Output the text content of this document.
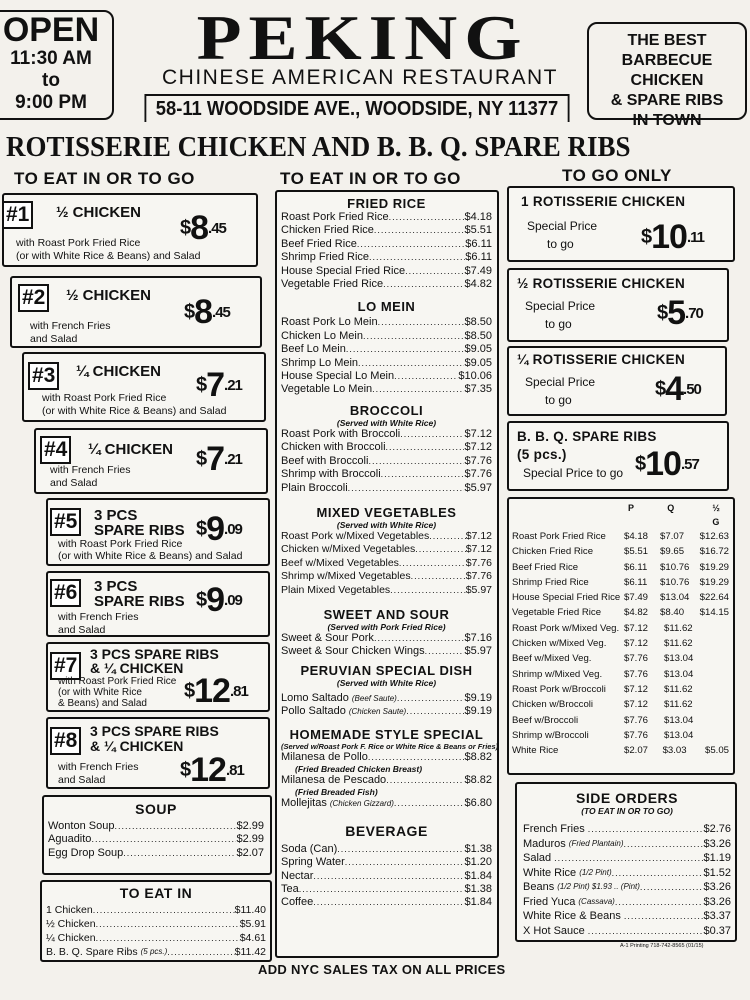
OPEN
11:30 AM
to
9:00 PM
PEKING
CHINESE AMERICAN RESTAURANT
58-11 WOODSIDE AVE., WOODSIDE, NY 11377
THE BEST
BARBECUE CHICKEN
& SPARE RIBS
IN TOWN
ROTISSERIE CHICKEN AND B. B. Q. SPARE RIBS
TO EAT IN OR TO GO	TO EAT IN OR TO GO	TO GO ONLY
#1 ½ CHICKEN
$^{\$}8^{.45}$
with Roast Pork Fried Rice
(or with White Rice & Beans) and Salad
#2 ½ CHICKEN
$^{\$}8^{.45}$
with French Fries
and Salad
#3 ¼ CHICKEN
$^{\$}7^{.21}$
with Roast Pork Fried Rice
(or with White Rice & Beans) and Salad
#4 ¼ CHICKEN $^{\$}7^{.21}$
with French Fries
and Salad
#5 3 PCS
SPARE RIBS $^{\$}9^{.09}$
with Roast Pork Fried Rice
(or with White Rice & Beans) and Salad
#6 3 PCS
SPARE RIBS $^{\$}9^{.09}$
with French Fries
and Salad
#7 3 PCS SPARE RIBS
& ¼ CHICKEN
$^{\$}12^{.81}$
with Roast Pork Fried Rice
(or with White Rice
& Beans) and Salad
#8 3 PCS SPARE RIBS
& ¼ CHICKEN
$^{\$}12^{.81}$
with French Fries
and Salad
SOUP
Wonton Soup .....	$2.99
Aguadito .....	$2.99
Egg Drop Soup .....	$2.07
TO EAT IN
1 Chicken .....	$11.40
½ Chicken .....	$5.91
¼ Chicken .....	$4.61
B. B. Q. Spare Ribs (5 pcs.) .....	$11.42
FRIED RICE
Roast Pork Fried Rice .....	$4.18
Chicken Fried Rice .....	$5.51
Beef Fried Rice .....	$6.11
Shrimp Fried Rice .....	$6.11
House Special Fried Rice .....	$7.49
Vegetable Fried Rice .....	$4.82
LO MEIN
Roast Pork Lo Mein .....	$8.50
Chicken Lo Mein .....	$8.50
Beef Lo Mein .....	$9.05
Shrimp Lo Mein .....	$9.05
House Special Lo Mein .....	$10.06
Vegetable Lo Mein .....	$7.35
BROCCOLI
(Served with White Rice)
Roast Pork with Broccoli .....	$7.12
Chicken with Broccoli .....	$7.12
Beef with Broccoli .....	$7.76
Shrimp with Broccoli .....	$7.76
Plain Broccoli .....	$5.97
MIXED VEGETABLES
(Served with White Rice)
Roast Pork w/Mixed Vegetables .....	$7.12
Chicken w/Mixed Vegetables .....	$7.12
Beef w/Mixed Vegetables .....	$7.76
Shrimp w/Mixed Vegetables .....	$7.76
Plain Mixed Vegetables .....	$5.97
SWEET AND SOUR
(Served with Pork Fried Rice)
Sweet & Sour Pork .....	$7.16
Sweet & Sour Chicken Wings .....	$5.97
PERUVIAN SPECIAL DISH
(Served with White Rice)
Lomo Saltado (Beef Saute) .....	$9.19
Pollo Saltado (Chicken Saute) .....	$9.19
HOMEMADE STYLE SPECIAL
(Served w/Roast Pork F. Rice or White Rice & Beans or Fries)
Milanesa de Pollo .....	$8.82
(Fried Breaded Chicken Breast)
Milanesa de Pescado .....	$8.82
(Fried Breaded Fish)
Mollejitas (Chicken Gizzard) .....	$6.80
BEVERAGE
Soda (Can) .....	$1.38
Spring Water .....	$1.20
Nectar .....	$1.84
Tea .....	$1.38
Coffee .....	$1.84
1 ROTISSERIE CHICKEN
Special Price
to go	$^{\$}10^{.11}$
½ ROTISSERIE CHICKEN
Special Price
to go	$^{\$}5^{.70}$
¼ ROTISSERIE CHICKEN
Special Price
to go	$^{\$}4^{.50}$
B. B. Q. SPARE RIBS
(5 pcs.)
Special Price to go $^{\$}10^{.57}$
P	Q	½ G
Roast Pork Fried Rice	$4.18	$7.07	$12.63
Chicken Fried Rice	$5.51	$9.65	$16.72
Beef Fried Rice	$6.11	$10.76	$19.29
Shrimp Fried Rice	$6.11	$10.76	$19.29
House Special Fried Rice $7.49	$13.04	$22.64
Vegetable Fried Rice	$4.82	$8.40	$14.15
Roast Pork w/Mixed Veg. $7.12	$11.62
Chicken w/Mixed Veg.	$7.12	$11.62
Beef w/Mixed Veg.	$7.76	$13.04
Shrimp w/Mixed Veg.	$7.76	$13.04
Roast Pork w/Broccoli	$7.12	$11.62
Chicken w/Broccoli	$7.12	$11.62
Beef w/Broccoli	$7.76	$13.04
Shrimp w/Broccoli	$7.76	$13.04
White Rice	$2.07	$3.03	$5.05
SIDE ORDERS
(TO EAT IN OR TO GO)
French Fries .....	$2.76
Maduros (Fried Plantain) .....	$3.26
Salad .....	$1.19
White Rice (1/2 Pint) .....	$1.52
Beans (1/2 Pint) $1.93 .. (Pint) .....	$3.26
Fried Yuca (Cassava) .....	$3.26
White Rice & Beans .....	$3.37
X Hot Sauce .....	$0.37
A-1 Printing 718-742-8565 (01/15)
ADD NYC SALES TAX ON ALL PRICES
